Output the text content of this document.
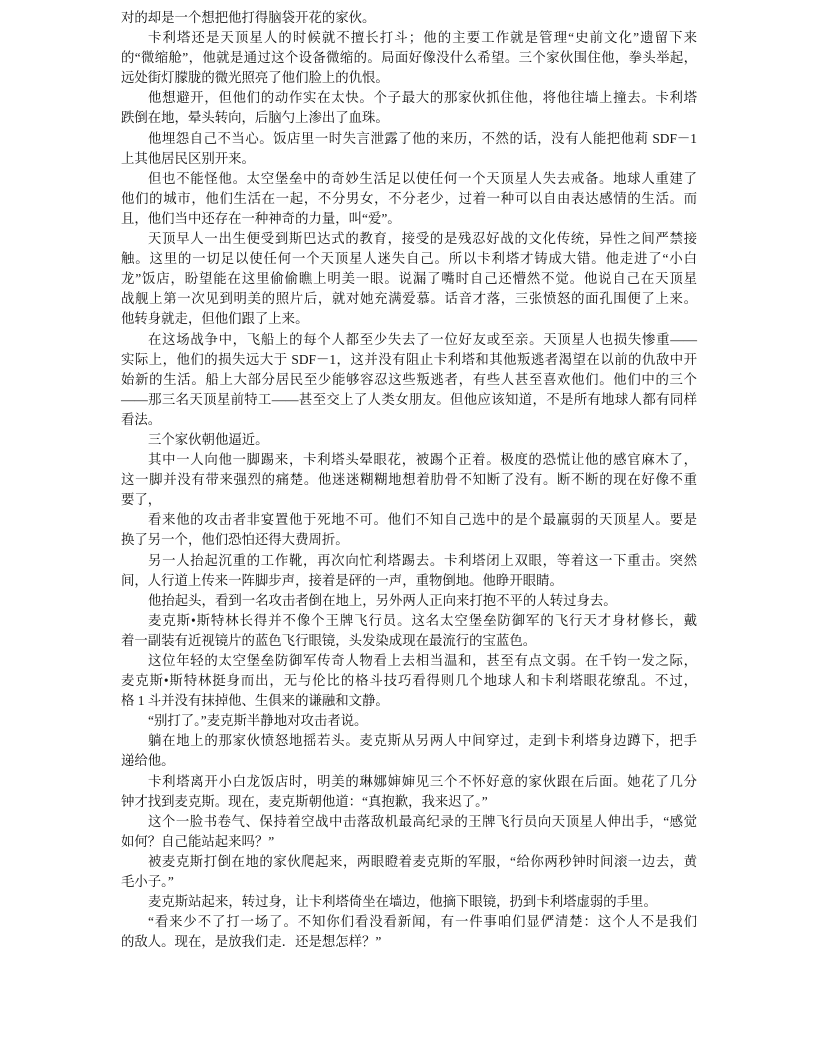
对的却是一个想把他打得脑袋开花的家伙。
卡利塔还是天顶星人的时候就不擅长打斗；他的主要工作就是管理“史前文化”遗留下来
的“微缩舱”，他就是通过这个设备微缩的。局面好像没什么希望。三个家伙围住他，拳头举起，
远处街灯朦胧的微光照亮了他们脸上的仇恨。
他想避开，但他们的动作实在太快。个子最大的那家伙抓住他，将他往墙上撞去。卡利塔
跌倒在地，晕头转向，后脑勺上渗出了血珠。
他埋怨自己不当心。饭店里一时失言泄露了他的来历，不然的话，没有人能把他莉 SDF－1
上其他居民区别开来。
但也不能怪他。太空堡垒中的奇妙生活足以使任何一个天顶星人失去戒备。地球人重建了
他们的城市，他们生活在一起，不分男女，不分老少，过着一种可以自由表达感情的生活。而
且，他们当中还存在一种神奇的力量，叫“爱”。
天顶早人一出生便受到斯巴达式的教育，接受的是残忍好战的文化传统，异性之间严禁接
触。这里的一切足以使任何一个天顶星人迷失自己。所以卡利塔才铸成大错。他走进了“小白
龙”饭店，盼望能在这里偷偷瞧上明美一眼。说漏了嘴时自己还懵然不觉。他说自己在天顶星
战舰上第一次见到明美的照片后，就对她充满爱慕。话音才落，三张愤怒的面孔围便了上来。
他转身就走，但他们跟了上来。
在这场战争中，飞船上的每个人都至少失去了一位好友或至亲。天顶星人也损失惨重——
实际上，他们的损失远大于 SDF－1，这并没有阻止卡利塔和其他叛逃者渴望在以前的仇敌中开
始新的生活。船上大部分居民至少能够容忍这些叛逃者，有些人甚至喜欢他们。他们中的三个
——那三名天顶星前特工——甚至交上了人类女朋友。但他应该知道，不是所有地球人都有同样
看法。
三个家伙朝他逼近。
其中一人向他一脚踢来，卡利塔头晕眼花，被踢个正着。极度的恐慌让他的感官麻木了，
这一脚并没有带来强烈的痛楚。他迷迷糊糊地想着肋骨不知断了没有。断不断的现在好像不重
要了，
看来他的攻击者非宴置他于死地不可。他们不知自己选中的是个最羸弱的天顶星人。要是
换了另一个，他们恐怕还得大费周折。
另一人抬起沉重的工作靴，再次向忙利塔踢去。卡利塔闭上双眼，等着这一下重击。突然
间，人行道上传来一阵脚步声，接着是砰的一声，重物倒地。他睁开眼睛。
他抬起头，看到一名攻击者倒在地上，另外两人正向来打抱不平的人转过身去。
麦克斯•斯特林长得并不像个王牌飞行员。这名太空堡垒防御军的飞行天才身材修长，戴
着一副装有近视镜片的蓝色飞行眼镜，头发染成现在最流行的宝蓝色。
这位年轻的太空堡垒防御军传奇人物看上去相当温和，甚至有点文弱。在千钧一发之际，
麦克斯•斯特林挺身而出，无与伦比的格斗技巧看得则几个地球人和卡利塔眼花缭乱。不过，
格 1 斗并没有抹掉他、生俱来的谦融和文静。
“别打了。”麦克斯半静地对攻击者说。
躺在地上的那家伙愤怒地摇若头。麦克斯从另两人中间穿过，走到卡利塔身边蹲下，把手
递给他。
卡利塔离开小白龙饭店时，明美的琳娜婶婶见三个不怀好意的家伙跟在后面。她花了几分
钟才找到麦克斯。现在，麦克斯朝他道：“真抱歉，我来迟了。”
这个一脸书卷气、保持着空战中击落敌机最高纪录的王牌飞行员向天顶星人伸出手，“感觉
如何？自己能站起来吗？”
被麦克斯打倒在地的家伙爬起来，两眼瞪着麦克斯的军服，“给你两秒钟时间滚一边去，黄
毛小子。”
麦克斯站起来，转过身，让卡利塔倚坐在墙边，他摘下眼镜，扔到卡利塔虚弱的手里。
“看来少不了打一场了。不知你们看没看新闻，有一件事咱们显俨清楚：这个人不是我们
的敌人。现在，是放我们走．还是想怎样？”
